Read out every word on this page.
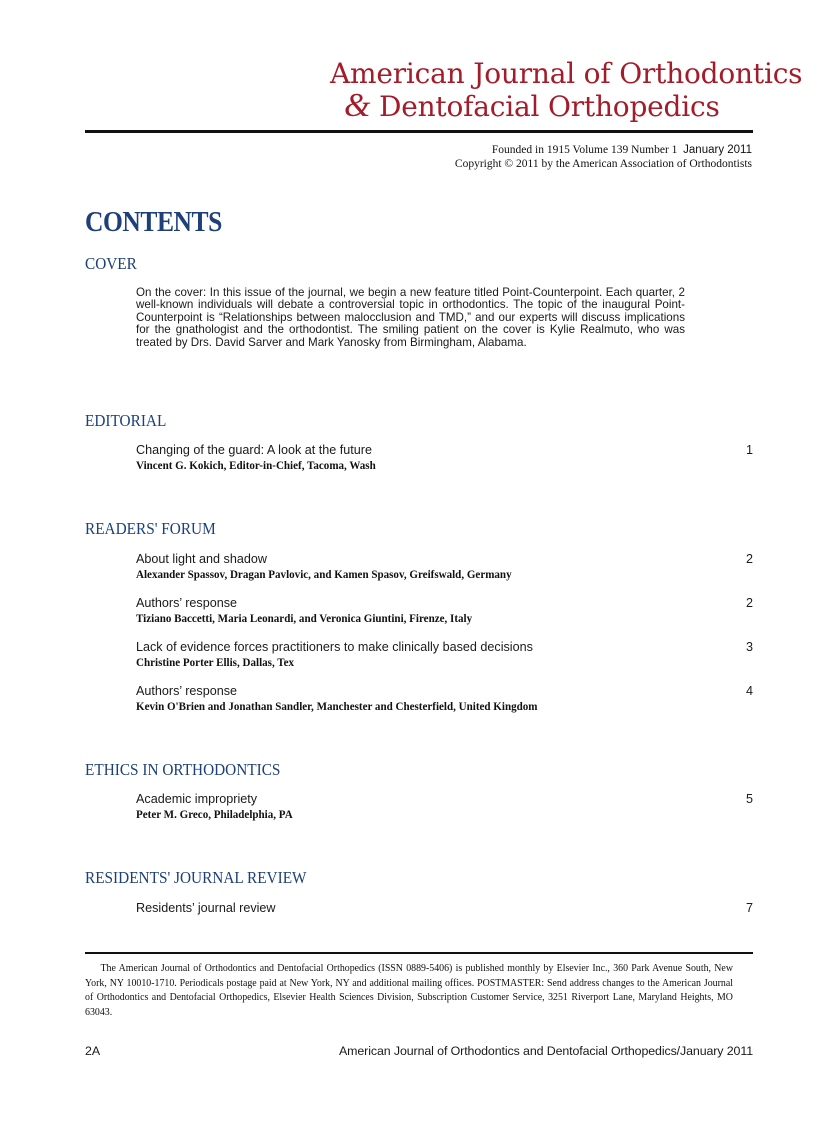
American Journal of Orthodontics
& Dentofacial Orthopedics
Founded in 1915 Volume 139 Number 1 January 2011
Copyright © 2011 by the American Association of Orthodontists
CONTENTS
COVER
On the cover: In this issue of the journal, we begin a new feature titled Point-Counterpoint. Each quarter, 2 well-known individuals will debate a controversial topic in orthodontics. The topic of the inaugural Point-Counterpoint is “Relationships between malocclusion and TMD,” and our experts will discuss implications for the gnathologist and the orthodontist. The smiling patient on the cover is Kylie Realmuto, who was treated by Drs. David Sarver and Mark Yanosky from Birmingham, Alabama.
EDITORIAL
Changing of the guard: A look at the future
Vincent G. Kokich, Editor-in-Chief, Tacoma, Wash
1
READERS' FORUM
About light and shadow
Alexander Spassov, Dragan Pavlovic, and Kamen Spasov, Greifswald, Germany
2
Authors’ response
Tiziano Baccetti, Maria Leonardi, and Veronica Giuntini, Firenze, Italy
2
Lack of evidence forces practitioners to make clinically based decisions
Christine Porter Ellis, Dallas, Tex
3
Authors’ response
Kevin O'Brien and Jonathan Sandler, Manchester and Chesterfield, United Kingdom
4
ETHICS IN ORTHODONTICS
Academic impropriety
Peter M. Greco, Philadelphia, PA
5
RESIDENTS' JOURNAL REVIEW
Residents’ journal review	7
The American Journal of Orthodontics and Dentofacial Orthopedics (ISSN 0889-5406) is published monthly by Elsevier Inc., 360 Park Avenue South, New York, NY 10010-1710. Periodicals postage paid at New York, NY and additional mailing offices. POSTMASTER: Send address changes to the American Journal of Orthodontics and Dentofacial Orthopedics, Elsevier Health Sciences Division, Subscription Customer Service, 3251 Riverport Lane, Maryland Heights, MO 63043.
2A	American Journal of Orthodontics and Dentofacial Orthopedics/January 2011
